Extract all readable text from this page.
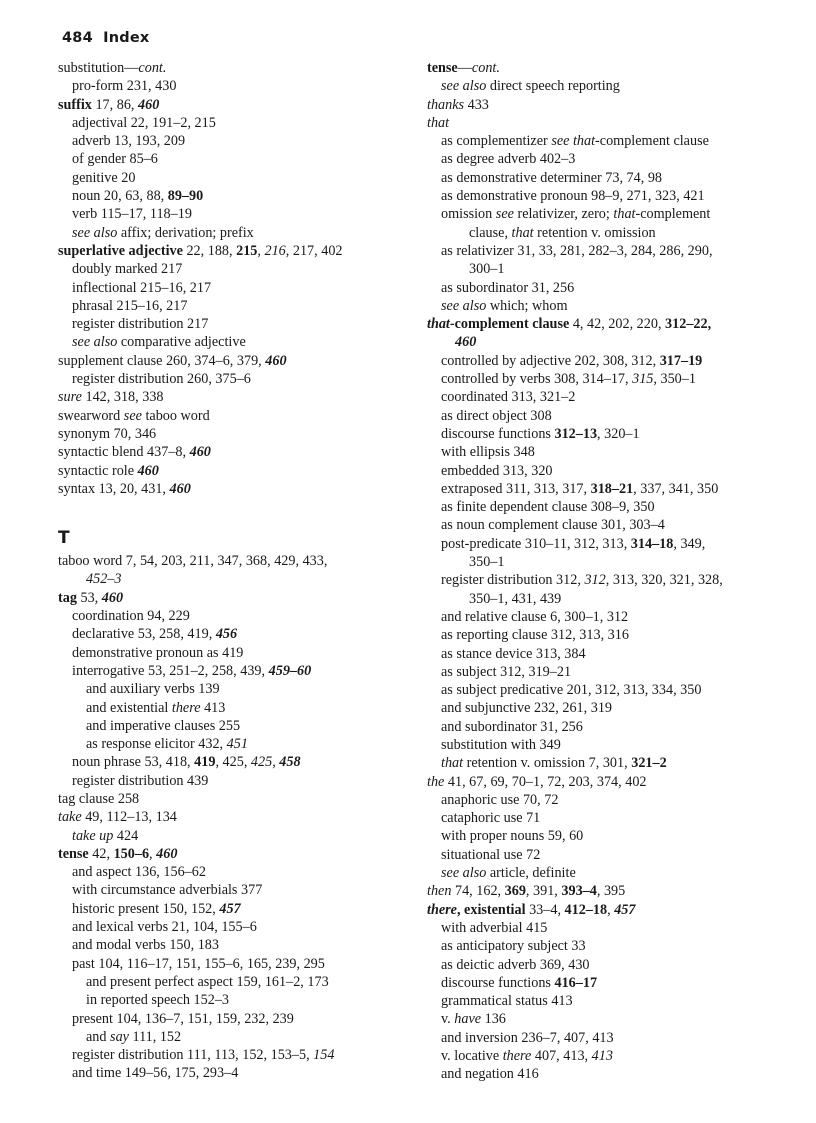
484 Index
substitution—cont.
pro-form 231, 430
suffix 17, 86, 460
adjectival 22, 191–2, 215
adverb 13, 193, 209
of gender 85–6
genitive 20
noun 20, 63, 88, 89–90
verb 115–17, 118–19
see also affix; derivation; prefix
superlative adjective 22, 188, 215, 216, 217, 402
doubly marked 217
inflectional 215–16, 217
phrasal 215–16, 217
register distribution 217
see also comparative adjective
supplement clause 260, 374–6, 379, 460
register distribution 260, 375–6
sure 142, 318, 338
swearword see taboo word
synonym 70, 346
syntactic blend 437–8, 460
syntactic role 460
syntax 13, 20, 431, 460
T
taboo word 7, 54, 203, 211, 347, 368, 429, 433,
452–3
tag 53, 460
coordination 94, 229
declarative 53, 258, 419, 456
demonstrative pronoun as 419
interrogative 53, 251–2, 258, 439, 459–60
and auxiliary verbs 139
and existential there 413
and imperative clauses 255
as response elicitor 432, 451
noun phrase 53, 418, 419, 425, 425, 458
register distribution 439
tag clause 258
take 49, 112–13, 134
take up 424
tense 42, 150–6, 460
and aspect 136, 156–62
with circumstance adverbials 377
historic present 150, 152, 457
and lexical verbs 21, 104, 155–6
and modal verbs 150, 183
past 104, 116–17, 151, 155–6, 165, 239, 295
and present perfect aspect 159, 161–2, 173
in reported speech 152–3
present 104, 136–7, 151, 159, 232, 239
and say 111, 152
register distribution 111, 113, 152, 153–5, 154
and time 149–56, 175, 293–4
tense—cont.
see also direct speech reporting
thanks 433
that
as complementizer see that-complement clause
as degree adverb 402–3
as demonstrative determiner 73, 74, 98
as demonstrative pronoun 98–9, 271, 323, 421
omission see relativizer, zero; that-complement
clause, that retention v. omission
as relativizer 31, 33, 281, 282–3, 284, 286, 290,
300–1
as subordinator 31, 256
see also which; whom
that-complement clause 4, 42, 202, 220, 312–22,
460
controlled by adjective 202, 308, 312, 317–19
controlled by verbs 308, 314–17, 315, 350–1
coordinated 313, 321–2
as direct object 308
discourse functions 312–13, 320–1
with ellipsis 348
embedded 313, 320
extraposed 311, 313, 317, 318–21, 337, 341, 350
as finite dependent clause 308–9, 350
as noun complement clause 301, 303–4
post-predicate 310–11, 312, 313, 314–18, 349,
350–1
register distribution 312, 312, 313, 320, 321, 328,
350–1, 431, 439
and relative clause 6, 300–1, 312
as reporting clause 312, 313, 316
as stance device 313, 384
as subject 312, 319–21
as subject predicative 201, 312, 313, 334, 350
and subjunctive 232, 261, 319
and subordinator 31, 256
substitution with 349
that retention v. omission 7, 301, 321–2
the 41, 67, 69, 70–1, 72, 203, 374, 402
anaphoric use 70, 72
cataphoric use 71
with proper nouns 59, 60
situational use 72
see also article, definite
then 74, 162, 369, 391, 393–4, 395
there, existential 33–4, 412–18, 457
with adverbial 415
as anticipatory subject 33
as deictic adverb 369, 430
discourse functions 416–17
grammatical status 413
v. have 136
and inversion 236–7, 407, 413
v. locative there 407, 413, 413
and negation 416
